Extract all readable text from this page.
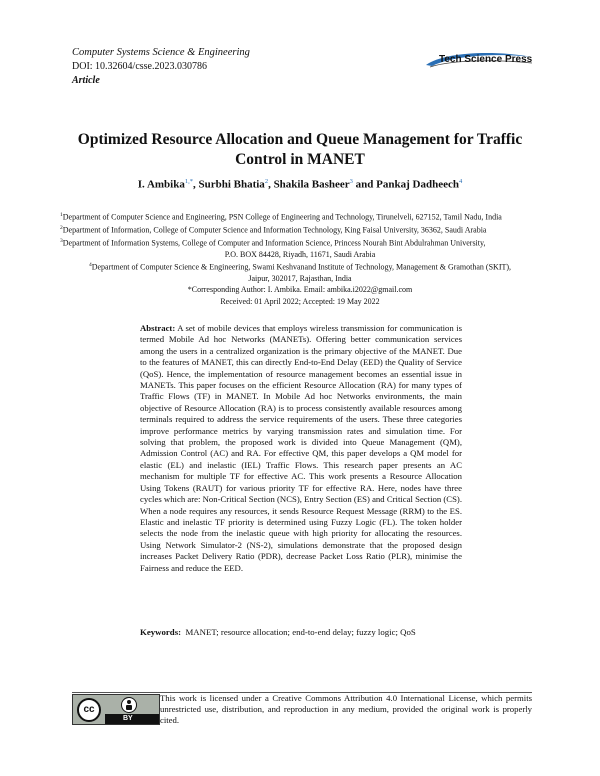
Computer Systems Science & Engineering
DOI: 10.32604/csse.2023.030786
Article
Tech Science Press
Optimized Resource Allocation and Queue Management for Traffic Control in MANET
I. Ambika$^{1,*}$, Surbhi Bhatia$^2$, Shakila Basheer$^3$ and Pankaj Dadheech$^4$
$^1$Department of Computer Science and Engineering, PSN College of Engineering and Technology, Tirunelveli, 627152, Tamil Nadu, India
$^2$Department of Information, College of Computer Science and Information Technology, King Faisal University, 36362, Saudi Arabia
$^3$Department of Information Systems, College of Computer and Information Science, Princess Nourah Bint Abdulrahman University,
P.O. BOX 84428, Riyadh, 11671, Saudi Arabia
$^4$Department of Computer Science & Engineering, Swami Keshvanand Institute of Technology, Management & Gramothan (SKIT),
Jaipur, 302017, Rajasthan, India
*Corresponding Author: I. Ambika. Email: ambika.i2022@gmail.com
Received: 01 April 2022; Accepted: 19 May 2022
Abstract: A set of mobile devices that employs wireless transmission for communication is termed Mobile Ad hoc Networks (MANETs). Offering better communication services among the users in a centralized organization is the primary objective of the MANET. Due to the features of MANET, this can directly End-to-End Delay (EED) the Quality of Service (QoS). Hence, the implementation of resource management becomes an essential issue in MANETs. This paper focuses on the efficient Resource Allocation (RA) for many types of Traffic Flows (TF) in MANET. In Mobile Ad hoc Networks environments, the main objective of Resource Allocation (RA) is to process consistently available resources among terminals required to address the service requirements of the users. These three categories improve performance metrics by varying transmission rates and simulation time. For solving that problem, the proposed work is divided into Queue Management (QM), Admission Control (AC) and RA. For effective QM, this paper develops a QM model for elastic (EL) and inelastic (IEL) Traffic Flows. This research paper presents an AC mechanism for multiple TF for effective AC. This work presents a Resource Allocation Using Tokens (RAUT) for various priority TF for effective RA. Here, nodes have three cycles which are: Non-Critical Section (NCS), Entry Section (ES) and Critical Section (CS). When a node requires any resources, it sends Resource Request Message (RRM) to the ES. Elastic and inelastic TF priority is determined using Fuzzy Logic (FL). The token holder selects the node from the inelastic queue with high priority for allocating the resources. Using Network Simulator-2 (NS-2), simulations demonstrate that the proposed design increases Packet Delivery Ratio (PDR), decrease Packet Loss Ratio (PLR), minimise the Fairness and reduce the EED.
Keywords: MANET; resource allocation; end-to-end delay; fuzzy logic; QoS
cc
BY
This work is licensed under a Creative Commons Attribution 4.0 International License, which permits unrestricted use, distribution, and reproduction in any medium, provided the original work is properly cited.
